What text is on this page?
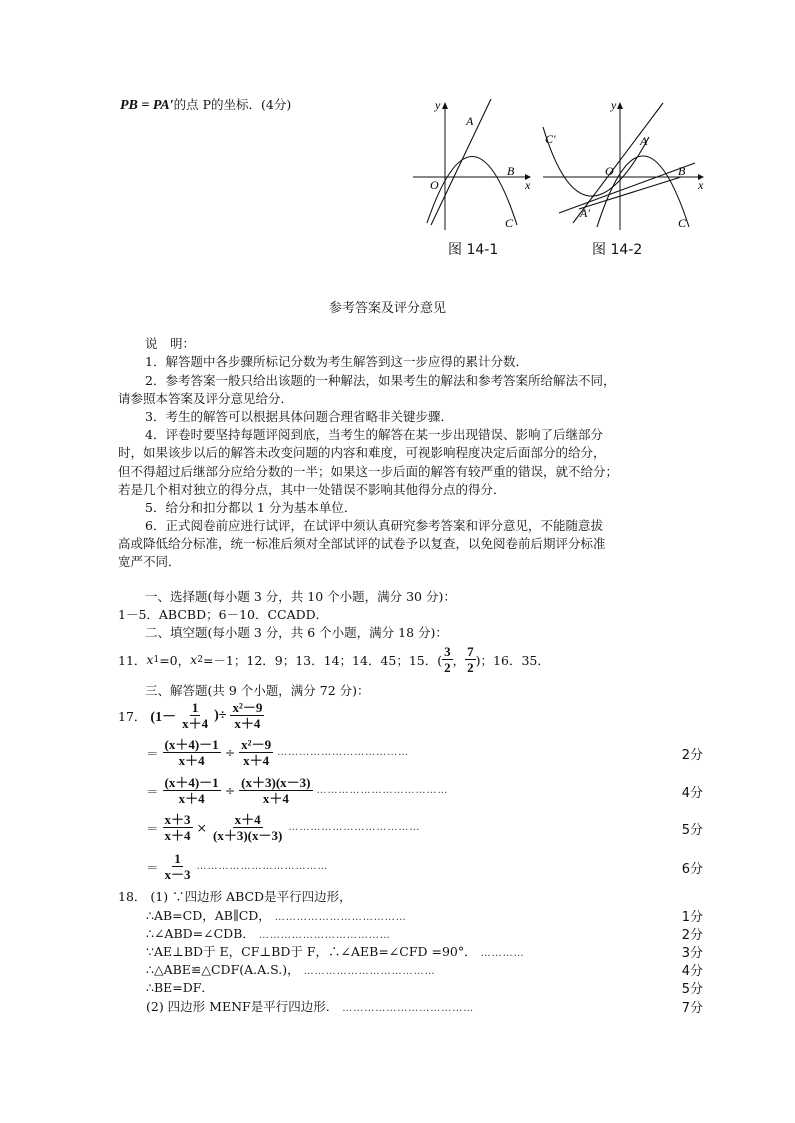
PB = PA′的点 P的坐标．(4分)	y
x
O
A
B
C
图 14-1
y
x
O
A
B
C′
A′
C
图 14-2
参考答案及评分意见
说　明：
1．解答题中各步骤所标记分数为考生解答到这一步应得的累计分数．
2．参考答案一般只给出该题的一种解法，如果考生的解法和参考答案所给解法不同，
请参照本答案及评分意见给分．
3．考生的解答可以根据具体问题合理省略非关键步骤．
4．评卷时要坚持每题评阅到底，当考生的解答在某一步出现错误、影响了后继部分
时，如果该步以后的解答未改变问题的内容和难度，可视影响程度决定后面部分的给分，
但不得超过后继部分应给分数的一半；如果这一步后面的解答有较严重的错误，就不给分；
若是几个相对独立的得分点，其中一处错误不影响其他得分点的得分．
5．给分和扣分都以 1 分为基本单位．
6．正式阅卷前应进行试评，在试评中须认真研究参考答案和评分意见，不能随意拔
高或降低给分标准，统一标准后须对全部试评的试卷予以复查，以免阅卷前后期评分标准
宽严不同．
一、选择题(每小题 3 分，共 10 个小题，满分 30 分)：
1－5．ABCBD；6－10．CCADD．
二、填空题(每小题 3 分，共 6 个小题，满分 18 分)：
11． x 1 =0， x 2 =－1；12．9；13．14；14．45；15．( $\frac{3}{2}$ ， $\frac{7}{2}$ )；16．35．
三、解答题(共 9 个小题，满分 72 分)：
17． ($1- \frac{1}{x+4}$ )÷ $\frac{\text{x²－9}}{x+4}$
＝ $\frac{(x+4)-1}{x+4} \div \frac{\text{x²－9}}{x+4}$ ………………………………	2分
＝ $\frac{(x+4)-1}{x+4} \div \frac{(x+3)(x-3)}{x+4}$ ………………………………	4分
＝ $\frac{x+3}{x+4} \times \frac{x+4}{(x+3)(x-3)}$ ………………………………	5分
＝ $\frac{1}{x-3}$ ………………………………	6分
18． (1) ∵四边形 ABCD是平行四边形，
∴AB=CD，AB∥CD， ………………………………	1分
∴∠ABD=∠CDB． ………………………………	2分
∵AE⊥BD于 E，CF⊥BD于 F，∴∠AEB=∠CFD =90°． …………	3分
∴△ABE≌△CDF(A.A.S.)， ………………………………	4分
∴BE=DF．	5分
(2) 四边形 MENF是平行四边形． ………………………………	7分
